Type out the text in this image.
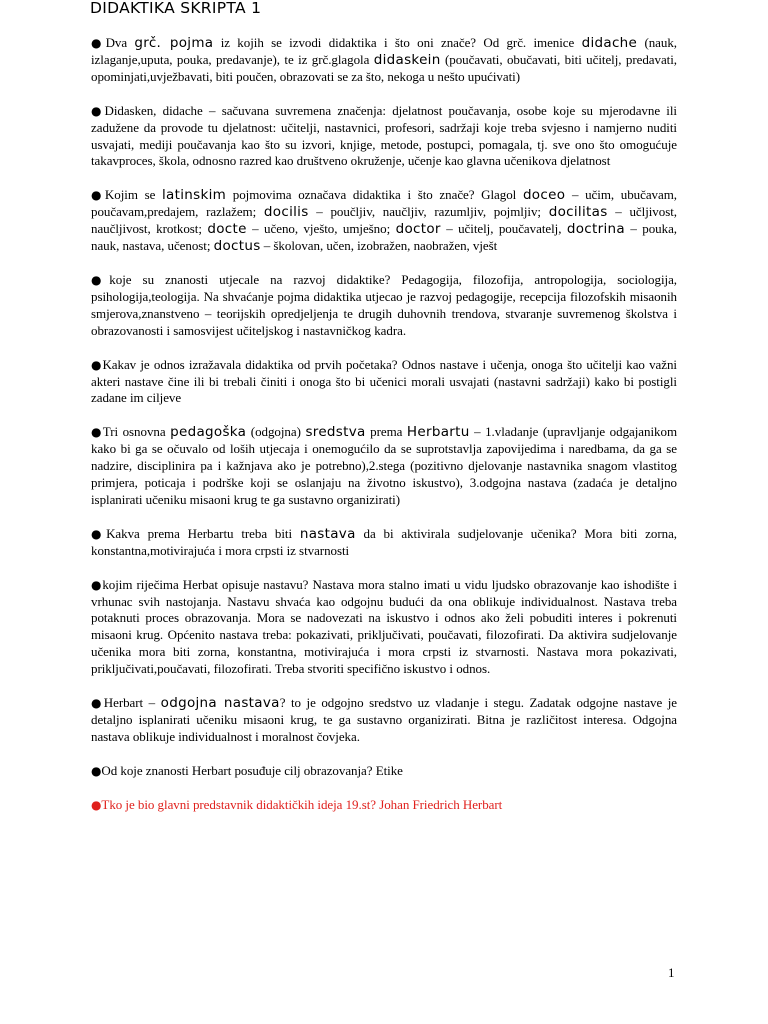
DIDAKTIKA SKRIPTA 1

●Dva grč. pojma iz kojih se izvodi didaktika i što oni znače? Od grč. imenice didache (nauk, izlaganje,uputa, pouka, predavanje), te iz grč.glagola didaskein (poučavati, obučavati, biti učitelj, predavati, opominjati,uvježbavati, biti poučen, obrazovati se za što, nekoga u nešto upućivati)

●Didasken, didache – sačuvana suvremena značenja: djelatnost poučavanja, osobe koje su mjerodavne ili zadužene da provode tu djelatnost: učitelji, nastavnici, profesori, sadržaji koje treba svjesno i namjerno nuditi usvajati, mediji poučavanja kao što su izvori, knjige, metode, postupci, pomagala, tj. sve ono što omogućuje takavproces, škola, odnosno razred kao društveno okruženje, učenje kao glavna učenikova djelatnost

●Kojim se latinskim pojmovima označava didaktika i što znače? Glagol doceo – učim, ubučavam, poučavam,predajem, razlažem; docilis – poučljiv, naučljiv, razumljiv, pojmljiv; docilitas – učljivost, naučljivost, krotkost; docte – učeno, vješto, umješno; doctor – učitelj, poučavatelj, doctrina – pouka, nauk, nastava, učenost; doctus – školovan, učen, izobražen, naobražen, vješt

●koje su znanosti utjecale na razvoj didaktike? Pedagogija, filozofija, antropologija, sociologija, psihologija,teologija. Na shvaćanje pojma didaktika utjecao je razvoj pedagogije, recepcija filozofskih misaonih smjerova,znanstveno – teorijskih opredjeljenja te drugih duhovnih trendova, stvaranje suvremenog školstva i obrazovanosti i samosvijest učiteljskog i nastavničkog kadra.

●Kakav je odnos izražavala didaktika od prvih početaka? Odnos nastave i učenja, onoga što učitelji kao važni akteri nastave čine ili bi trebali činiti i onoga što bi učenici morali usvajati (nastavni sadržaji) kako bi postigli zadane im ciljeve

●Tri osnovna pedagoška (odgojna) sredstva prema Herbartu – 1.vladanje (upravljanje odgajanikom kako bi ga se očuvalo od loših utjecaja i onemogućilo da se suprotstavlja zapovijedima i naredbama, da ga se nadzire, disciplinira pa i kažnjava ako je potrebno),2.stega (pozitivno djelovanje nastavnika snagom vlastitog primjera, poticaja i podrške koji se oslanjaju na životno iskustvo), 3.odgojna nastava (zadaća je detaljno isplanirati učeniku misaoni krug te ga sustavno organizirati)

●Kakva prema Herbartu treba biti nastava da bi aktivirala sudjelovanje učenika? Mora biti zorna, konstantna,motivirajuća i mora crpsti iz stvarnosti

●kojim riječima Herbat opisuje nastavu? Nastava mora stalno imati u vidu ljudsko obrazovanje kao ishodište i vrhunac svih nastojanja. Nastavu shvaća kao odgojnu budući da ona oblikuje individualnost. Nastava treba potaknuti proces obrazovanja. Mora se nadovezati na iskustvo i odnos ako želi pobuditi interes i pokrenuti misaoni krug. Općenito nastava treba: pokazivati, priključivati, poučavati, filozofirati. Da aktivira sudjelovanje učenika mora biti zorna, konstantna, motivirajuća i mora crpsti iz stvarnosti. Nastava mora pokazivati, priključivati,poučavati, filozofirati. Treba stvoriti specifično iskustvo i odnos.

●Herbart – odgojna nastava? to je odgojno sredstvo uz vladanje i stegu. Zadatak odgojne nastave je detaljno isplanirati učeniku misaoni krug, te ga sustavno organizirati. Bitna je različitost interesa. Odgojna nastava oblikuje individualnost i moralnost čovjeka.

●Od koje znanosti Herbart posuđuje cilj obrazovanja? Etike

●Tko je bio glavni predstavnik didaktičkih ideja 19.st? Johan Friedrich Herbart

1
